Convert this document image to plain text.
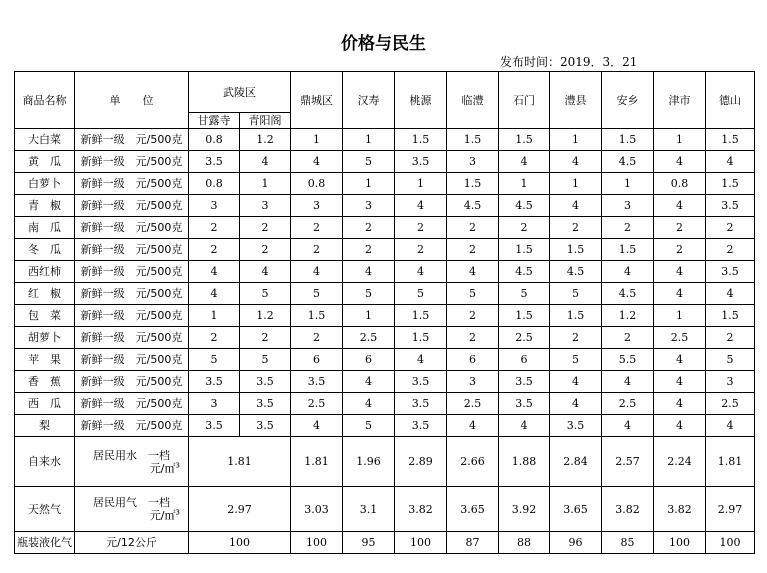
价格与民生
发布时间：2019．3．21
商品名称	单　　位	武陵区		鼎城区	汉寿	桃源	临澧	石门	澧县	安乡	津市	德山
		甘露寺	青阳阁									
大白菜	新鲜一级　元/500克	0.8	1.2	1	1	1.5	1.5	1.5	1	1.5	1	1.5
黄　瓜	新鲜一级　元/500克	3.5	4	4	5	3.5	3	4	4	4.5	4	4
白萝卜	新鲜一级　元/500克	0.8	1	0.8	1	1	1.5	1	1	1	0.8	1.5
青　椒	新鲜一级　元/500克	3	3	3	3	4	4.5	4.5	4	3	4	3.5
南　瓜	新鲜一级　元/500克	2	2	2	2	2	2	2	2	2	2	2
冬　瓜	新鲜一级　元/500克	2	2	2	2	2	2	1.5	1.5	1.5	2	2
西红柿	新鲜一级　元/500克	4	4	4	4	4	4	4.5	4.5	4	4	3.5
红　椒	新鲜一级　元/500克	4	5	5	5	5	5	5	5	4.5	4	4
包　菜	新鲜一级　元/500克	1	1.2	1.5	1	1.5	2	1.5	1.5	1.2	1	1.5
胡萝卜	新鲜一级　元/500克	2	2	2	2.5	1.5	2	2.5	2	2	2.5	2
苹　果	新鲜一级　元/500克	5	5	6	6	4	6	6	5	5.5	4	5
香　蕉	新鲜一级　元/500克	3.5	3.5	3.5	4	3.5	3	3.5	4	4	4	3
西　瓜	新鲜一级　元/500克	3	3.5	2.5	4	3.5	2.5	3.5	4	2.5	4	2.5
梨	新鲜一级　元/500克	3.5	3.5	4	5	3.5	4	4	3.5	4	4	4
自来水	居民用水　一档
元/㎡$^3$	1.81		1.81	1.96	2.89	2.66	1.88	2.84	2.57	2.24	1.81
天然气	居民用气　一档
元/㎡$^3$	2.97		3.03	3.1	3.82	3.65	3.92	3.65	3.82	3.82	2.97
瓶装液化气	元/12公斤	100		100	95	100	87	88	96	85	100	100
